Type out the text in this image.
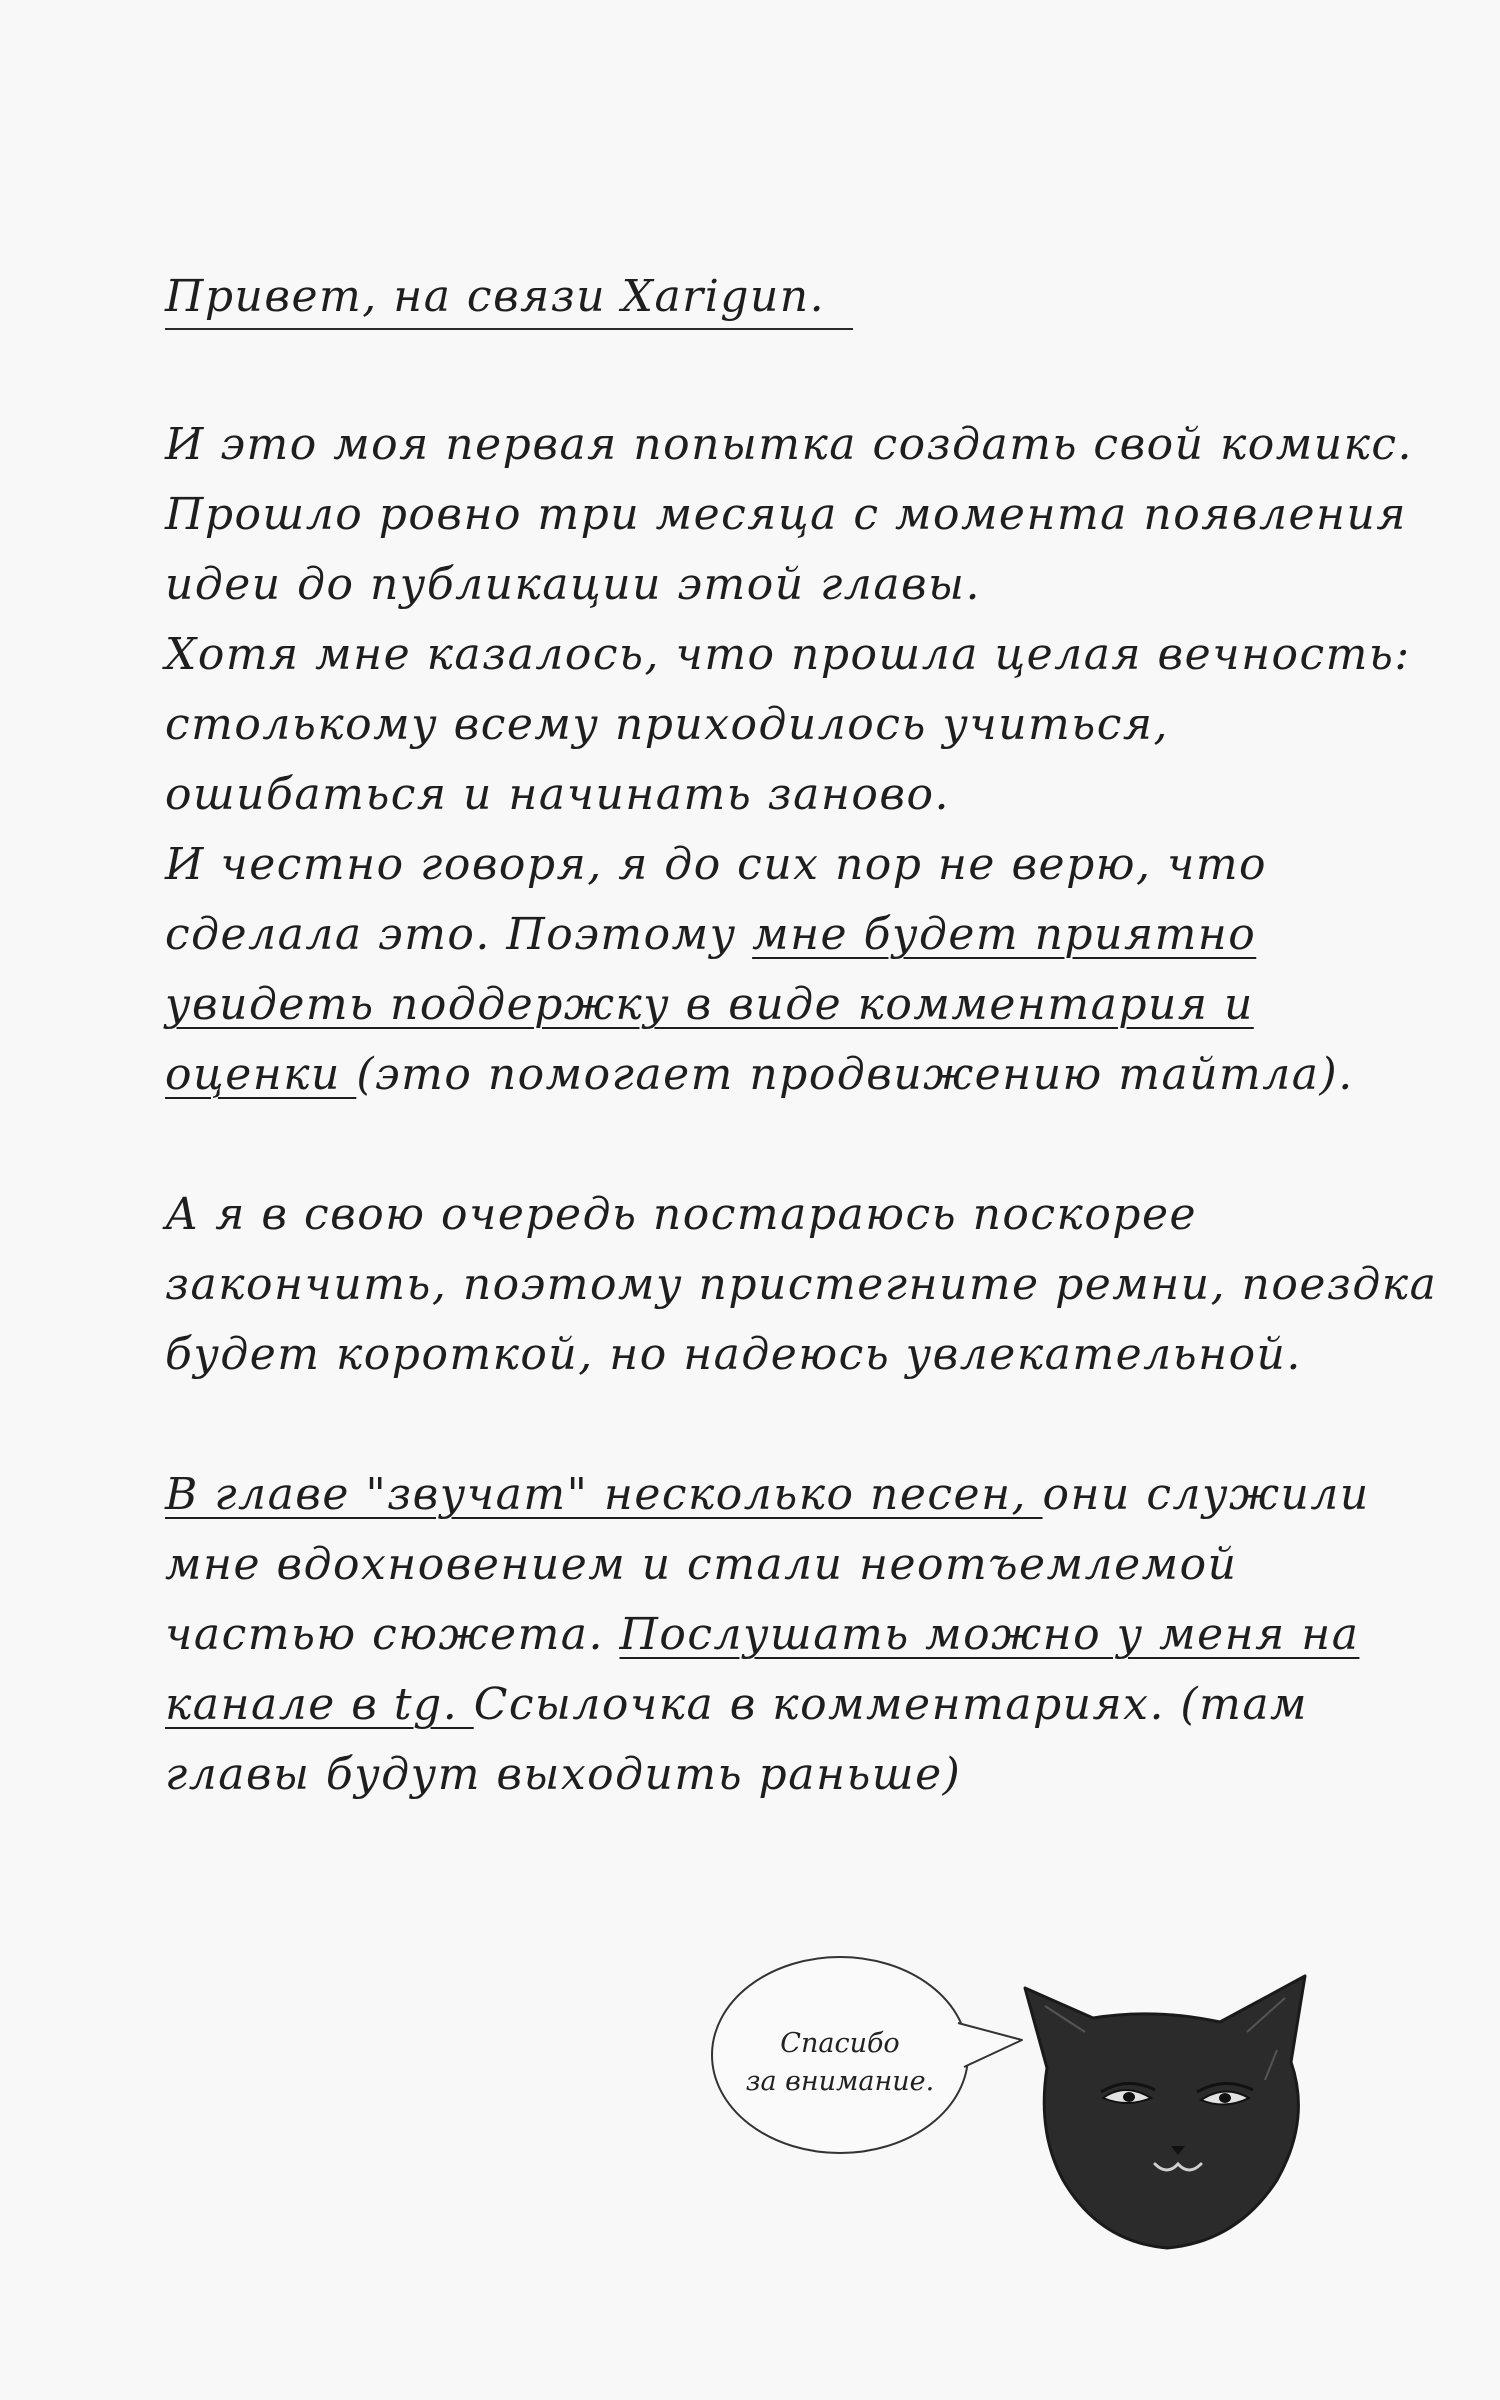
Привет, на связи Xarigun.
И это моя первая попытка создать свой комикс.
Прошло ровно три месяца с момента появления
идеи до публикации этой главы.
Хотя мне казалось, что прошла целая вечность:
столькому всему приходилось учиться,
ошибаться и начинать заново.
И честно говоря, я до сих пор не верю, что
сделала это. Поэтому мне будет приятно
увидеть поддержку в виде комментария и
оценки (это помогает продвижению тайтла).
А я в свою очередь постараюсь поскорее
закончить, поэтому пристегните ремни, поездка
будет короткой, но надеюсь увлекательной.
В главе "звучат" несколько песен, они служили
мне вдохновением и стали неотъемлемой
частью сюжета. Послушать можно у меня на
канале в tg. Ссылочка в комментариях. (там
главы будут выходить раньше)
Спасибо
за внимание.
